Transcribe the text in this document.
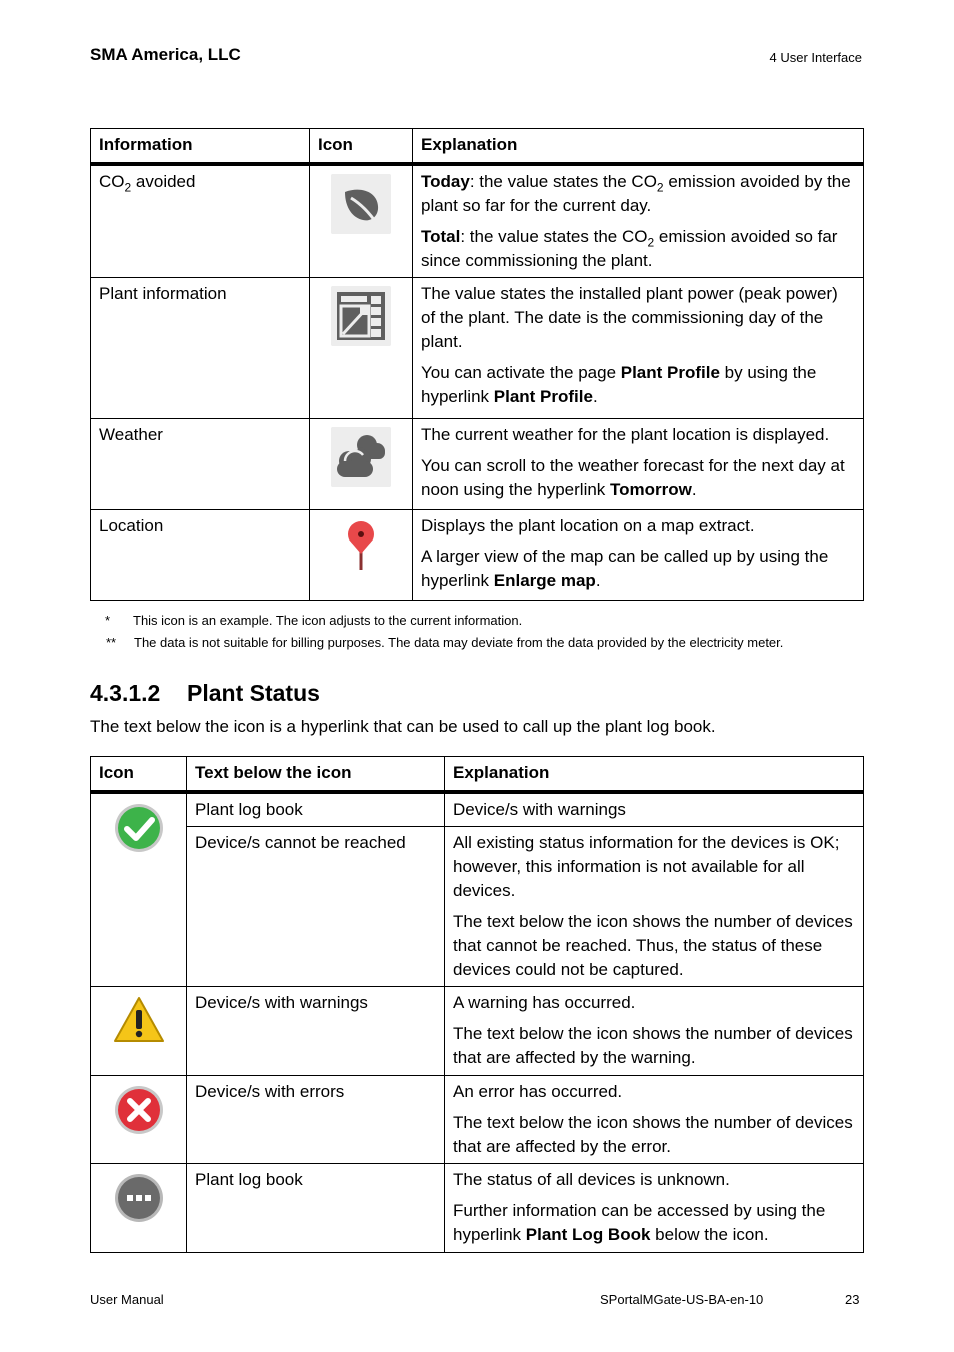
SMA America, LLC	4 User Interface
Information	Icon	Explanation
$CO_2$ avoided		Today: the value states the $CO_2$ emission avoided by the plant so far for the current day.

Total: the value states the $CO_2$ emission avoided so far since commissioning the plant.

Plant information		The value states the installed plant power (peak power) of the plant. The date is the commissioning day of the plant.

You can activate the page Plant Profile by using the hyperlink Plant Profile.

Weather		The current weather for the plant location is displayed.

You can scroll to the weather forecast for the next day at noon using the hyperlink Tomorrow.

Location		Displays the plant location on a map extract.

A larger view of the map can be called up by using the hyperlink Enlarge map.

* This icon is an example. The icon adjusts to the current information.
** The data is not suitable for billing purposes. The data may deviate from the data provided by the electricity meter.
4.3.1.2 Plant Status
The text below the icon is a hyperlink that can be used to call up the plant log book.
Icon	Text below the icon	Explanation
	Plant log book	Device/s with warnings
	Device/s cannot be reached	All existing status information for the devices is OK; however, this information is not available for all devices.

The text below the icon shows the number of devices that cannot be reached. Thus, the status of these devices could not be captured.

	Device/s with warnings	A warning has occurred.

The text below the icon shows the number of devices that are affected by the warning.

	Device/s with errors	An error has occurred.

The text below the icon shows the number of devices that are affected by the error.

	Plant log book	The status of all devices is unknown.

Further information can be accessed by using the hyperlink Plant Log Book below the icon.

User Manual	SPortalMGate-US-BA-en-10	23
